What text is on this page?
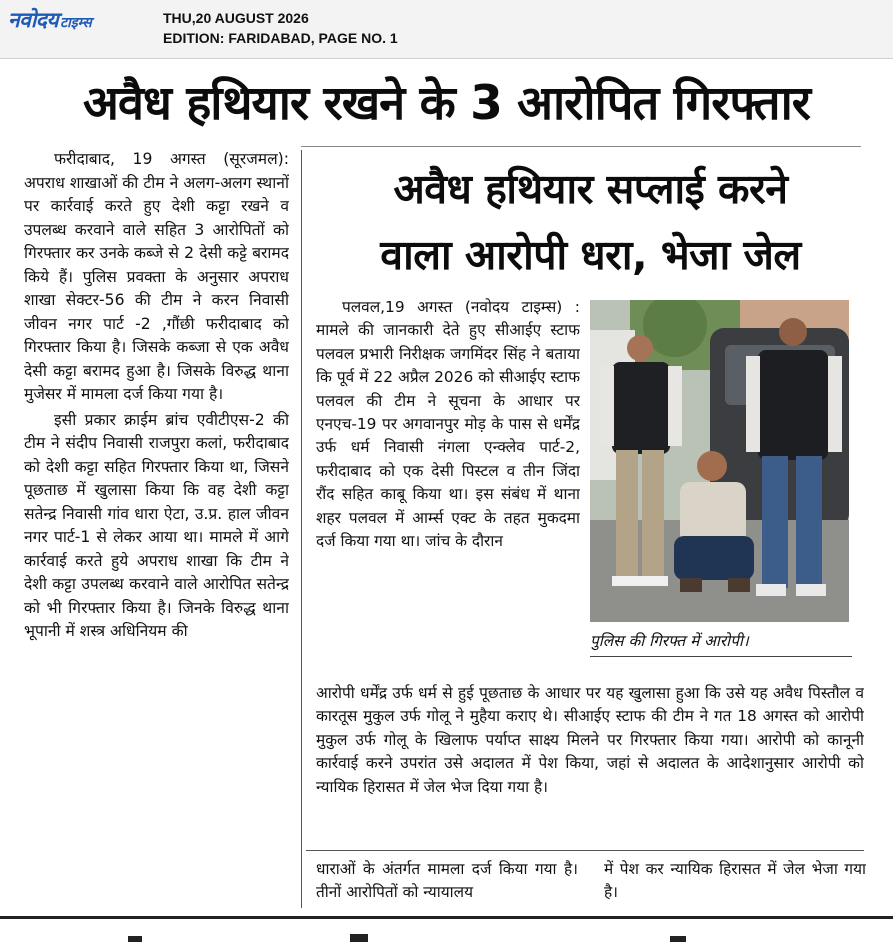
नवोदय टाइम्स	THU,20 AUGUST 2026
EDITION: FARIDABAD, PAGE NO. 1
अवैध हथियार रखने के 3 आरोपित गिरफ्तार

फरीदाबाद, 19 अगस्त (सूरजमल): अपराध शाखाओं की टीम ने अलग-अलग स्थानों पर कार्रवाई करते हुए देशी कट्टा रखने व उपलब्ध करवाने वाले सहित 3 आरोपितों को गिरफ्तार कर उनके कब्जे से 2 देसी कट्टे बरामद किये हैं। पुलिस प्रवक्ता के अनुसार अपराध शाखा सेक्टर-56 की टीम ने करन निवासी जीवन नगर पार्ट -2 ,गौंछी फरीदाबाद को गिरफ्तार किया है। जिसके कब्जा से एक अवैध देसी कट्टा बरामद हुआ है। जिसके विरुद्ध थाना मुजेसर में मामला दर्ज किया गया है।

इसी प्रकार क्राईम ब्रांच एवीटीएस-2 की टीम ने संदीप निवासी राजपुरा कलां, फरीदाबाद को देशी कट्टा सहित गिरफ्तार किया था, जिसने पूछताछ में खुलासा किया कि वह देशी कट्टा सतेन्द्र निवासी गांव धारा ऐटा, उ.प्र. हाल जीवन नगर पार्ट-1 से लेकर आया था। मामले में आगे कार्रवाई करते हुये अपराध शाखा कि टीम ने देशी कट्टा उपलब्ध करवाने वाले आरोपित सतेन्द्र को भी गिरफ्तार किया है। जिनके विरुद्ध थाना भूपानी में शस्त्र अधिनियम की

अवैध हथियार सप्लाई करने
वाला आरोपी धरा, भेजा जेल

पलवल,19 अगस्त (नवोदय टाइम्स) : मामले की जानकारी देते हुए सीआईए स्टाफ पलवल प्रभारी निरीक्षक जगमिंदर सिंह ने बताया कि पूर्व में 22 अप्रैल 2026 को सीआईए स्टाफ पलवल की टीम ने सूचना के आधार पर एनएच-19 पर अगवानपुर मोड़ के पास से धर्मेंद्र उर्फ धर्म निवासी नंगला एन्क्लेव पार्ट-2, फरीदाबाद को एक देसी पिस्टल व तीन जिंदा रौंद सहित काबू किया था। इस संबंध में थाना शहर पलवल में आर्म्स एक्ट के तहत मुकदमा दर्ज किया गया था। जांच के दौरान

पुलिस की गिरफ्त में आरोपी।

आरोपी धर्मेंद्र उर्फ धर्म से हुई पूछताछ के आधार पर यह खुलासा हुआ कि उसे यह अवैध पिस्तौल व कारतूस मुकुल उर्फ गोलू ने मुहैया कराए थे। सीआईए स्टाफ की टीम ने गत 18 अगस्त को आरोपी मुकुल उर्फ गोलू के खिलाफ पर्याप्त साक्ष्य मिलने पर गिरफ्तार किया गया। आरोपी को कानूनी कार्रवाई करने उपरांत उसे अदालत में पेश किया, जहां से अदालत के आदेशानुसार आरोपी को न्यायिक हिरासत में जेल भेज दिया गया है।

धाराओं के अंतर्गत मामला दर्ज किया गया है। तीनों आरोपितों को न्यायालय

में पेश कर न्यायिक हिरासत में जेल भेजा गया है।
